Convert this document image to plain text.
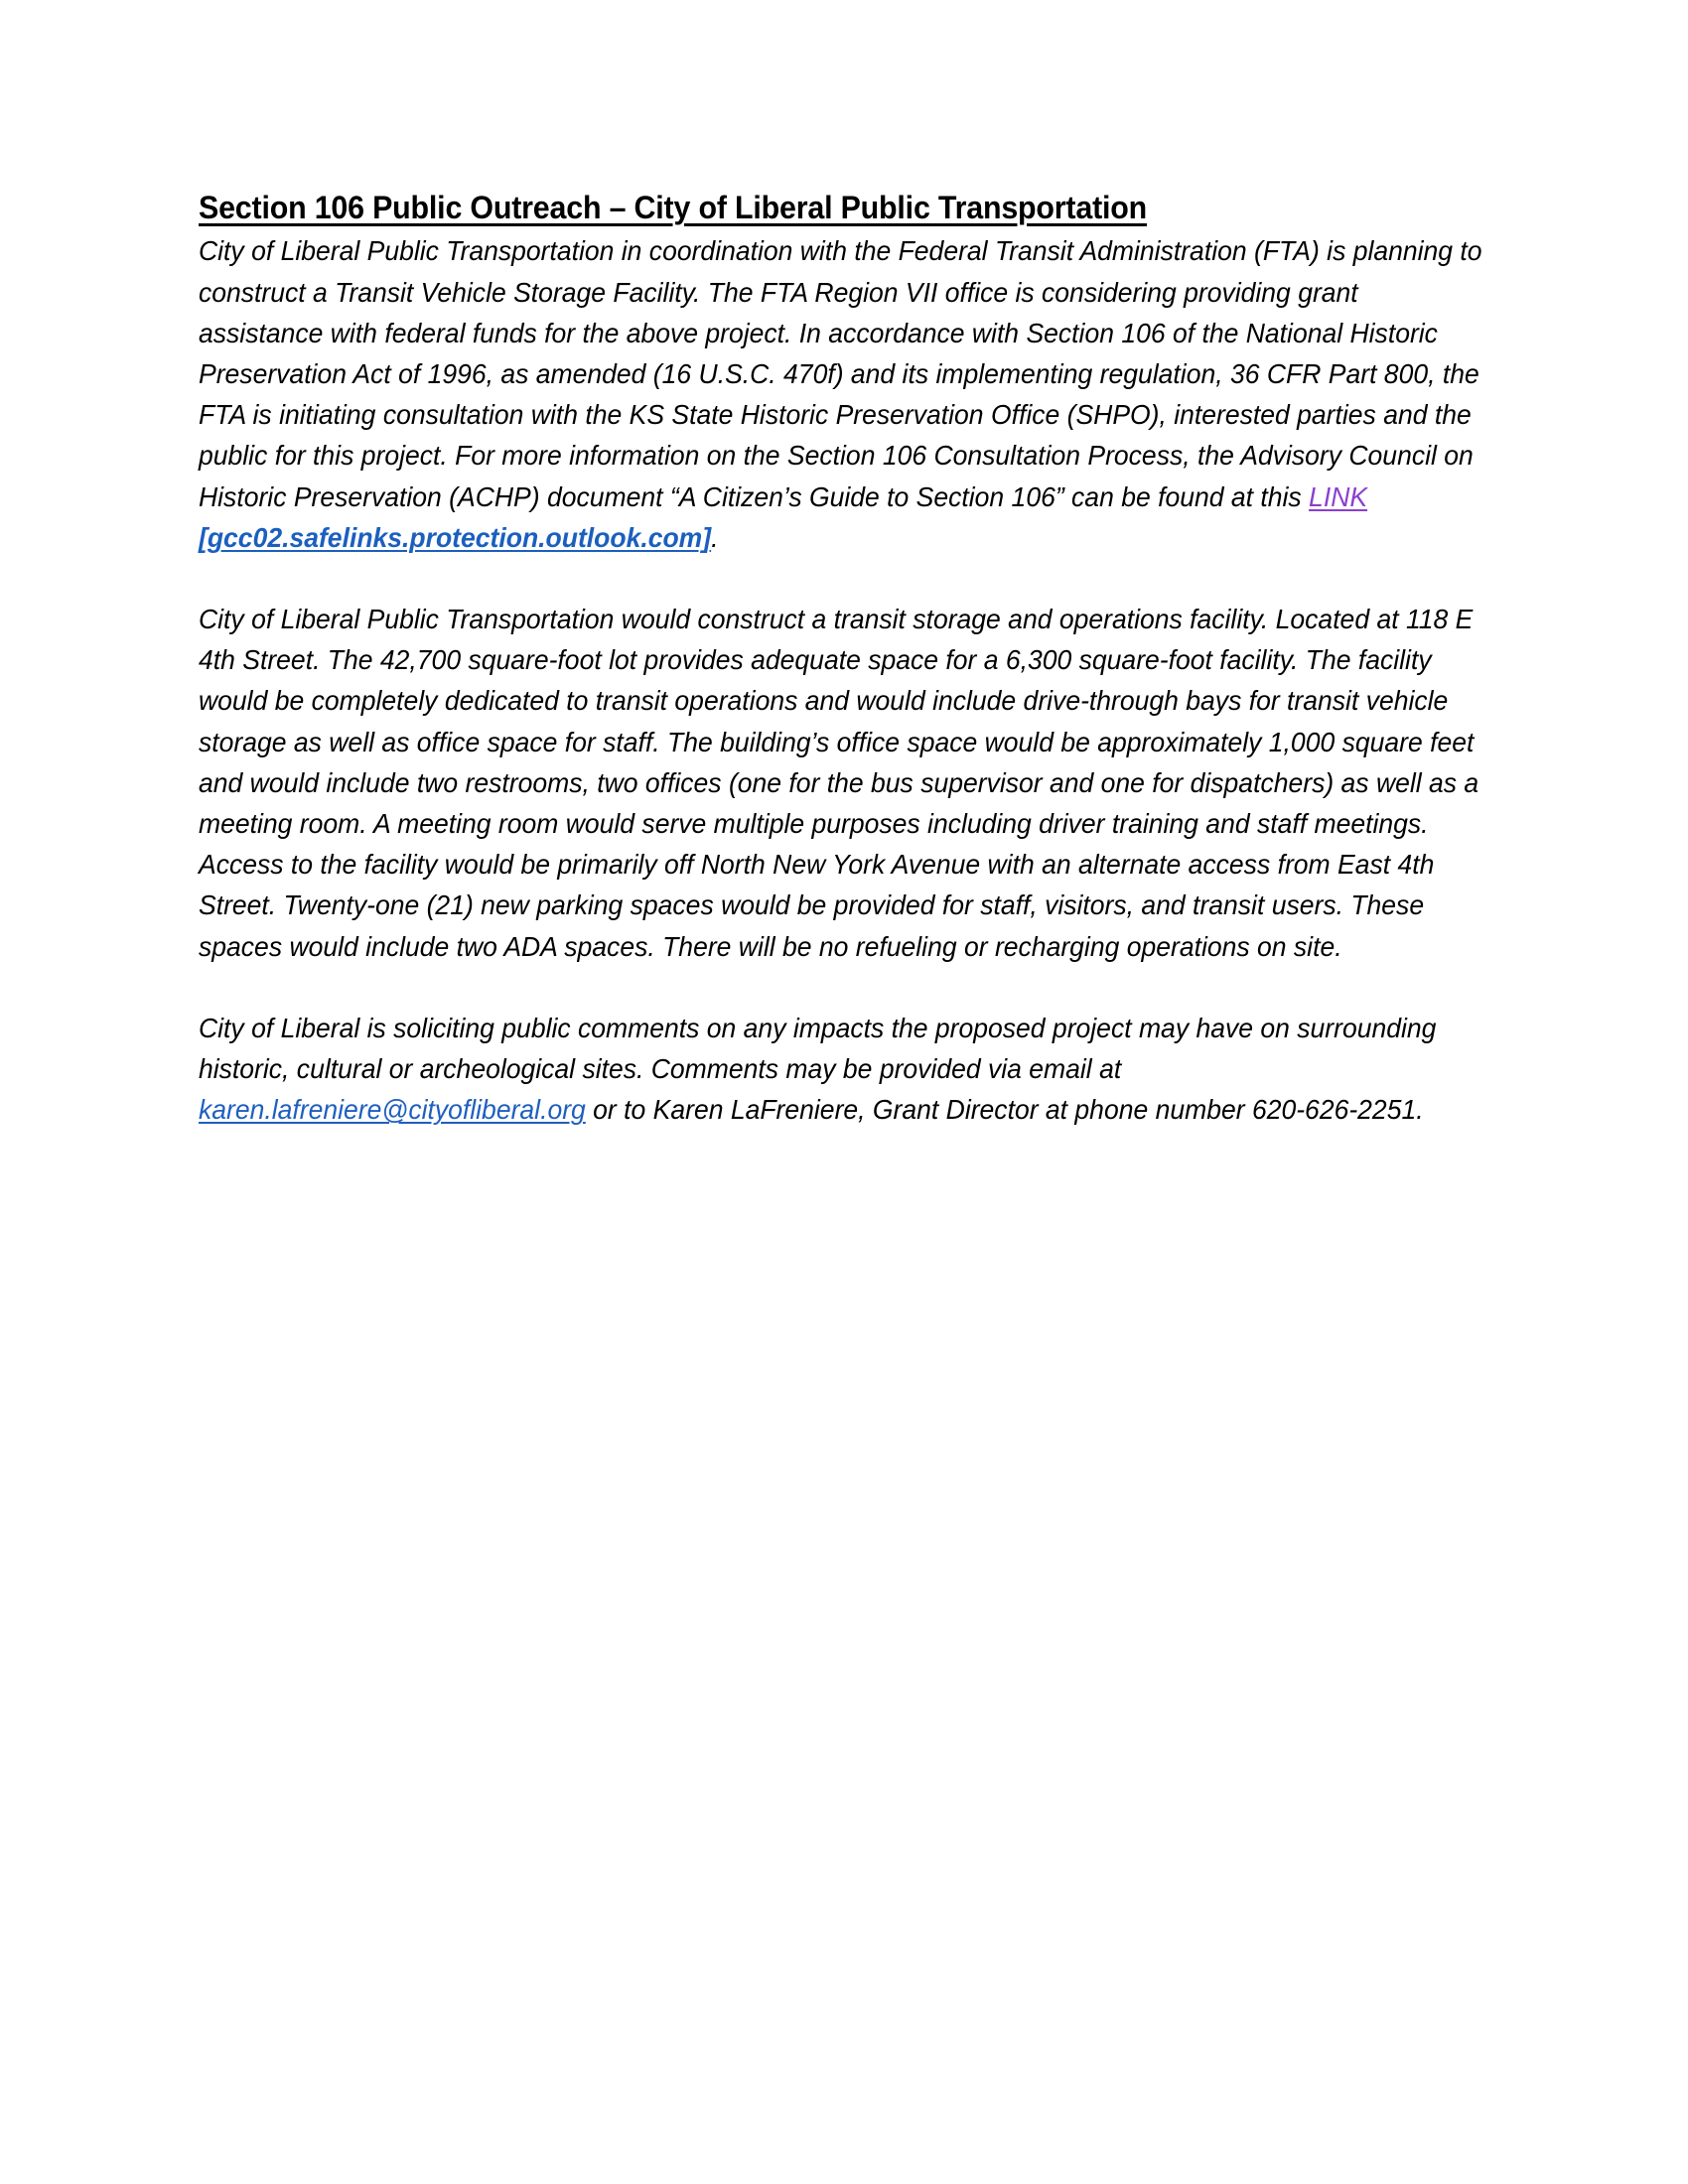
Section 106 Public Outreach – City of Liberal Public Transportation

City of Liberal Public Transportation in coordination with the Federal Transit Administration (FTA) is planning to construct a Transit Vehicle Storage Facility. The FTA Region VII office is considering providing grant assistance with federal funds for the above project. In accordance with Section 106 of the National Historic Preservation Act of 1996, as amended (16 U.S.C. 470f) and its implementing regulation, 36 CFR Part 800, the FTA is initiating consultation with the KS State Historic Preservation Office (SHPO), interested parties and the public for this project. For more information on the Section 106 Consultation Process, the Advisory Council on Historic Preservation (ACHP) document “A Citizen’s Guide to Section 106” can be found at this LINK [gcc02.safelinks.protection.outlook.com].

City of Liberal Public Transportation would construct a transit storage and operations facility. Located at 118 E 4th Street. The 42,700 square-foot lot provides adequate space for a 6,300 square-foot facility. The facility would be completely dedicated to transit operations and would include drive-through bays for transit vehicle storage as well as office space for staff. The building’s office space would be approximately 1,000 square feet and would include two restrooms, two offices (one for the bus supervisor and one for dispatchers) as well as a meeting room. A meeting room would serve multiple purposes including driver training and staff meetings. Access to the facility would be primarily off North New York Avenue with an alternate access from East 4th Street. Twenty-one (21) new parking spaces would be provided for staff, visitors, and transit users. These spaces would include two ADA spaces. There will be no refueling or recharging operations on site.

City of Liberal is soliciting public comments on any impacts the proposed project may have on surrounding historic, cultural or archeological sites. Comments may be provided via email at karen.lafreniere@cityofliberal.org or to Karen LaFreniere, Grant Director at phone number 620-626-2251.
